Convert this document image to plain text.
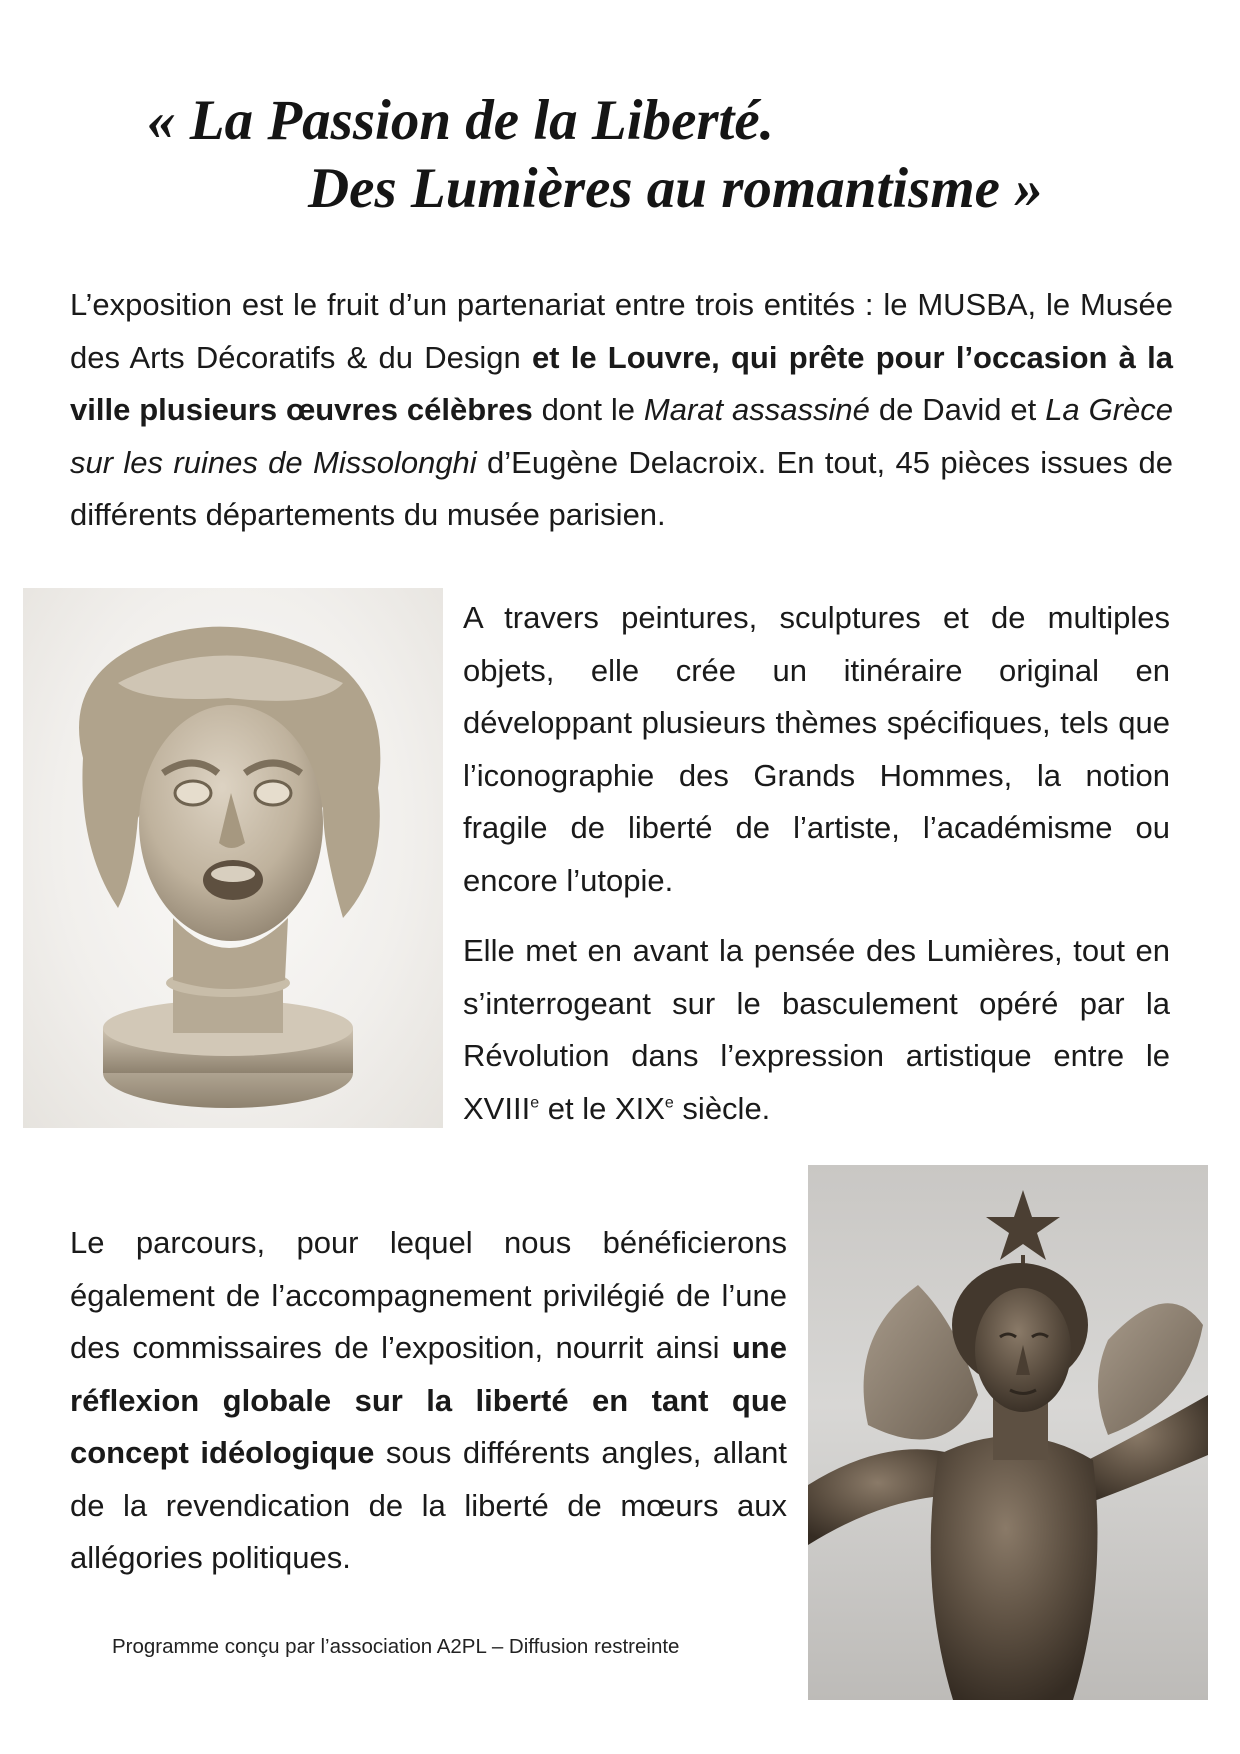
« La Passion de la Liberté.
Des Lumières au romantisme »

L’exposition est le fruit d’un partenariat entre trois entités : le MUSBA, le Musée des Arts Décoratifs & du Design et le Louvre, qui prête pour l’occasion à la ville plusieurs œuvres célèbres dont le Marat assassiné de David et La Grèce sur les ruines de Missolonghi d’Eugène Delacroix. En tout, 45 pièces issues de différents départements du musée parisien.

A travers peintures, sculptures et de multiples objets, elle crée un itinéraire original en développant plusieurs thèmes spécifiques, tels que l’iconographie des Grands Hommes, la notion fragile de liberté de l’artiste, l’académisme ou encore l’utopie.

Elle met en avant la pensée des Lumières, tout en s’interrogeant sur le basculement opéré par la Révolution dans l’expression artistique entre le XVIIIe et le XIXe siècle.

Le parcours, pour lequel nous bénéficierons également de l’accompagnement privilégié de l’une des commissaires de l’exposition, nourrit ainsi une réflexion globale sur la liberté en tant que concept idéologique sous différents angles, allant de la revendication de la liberté de mœurs aux allégories politiques.

Programme conçu par l’association A2PL – Diffusion restreinte
